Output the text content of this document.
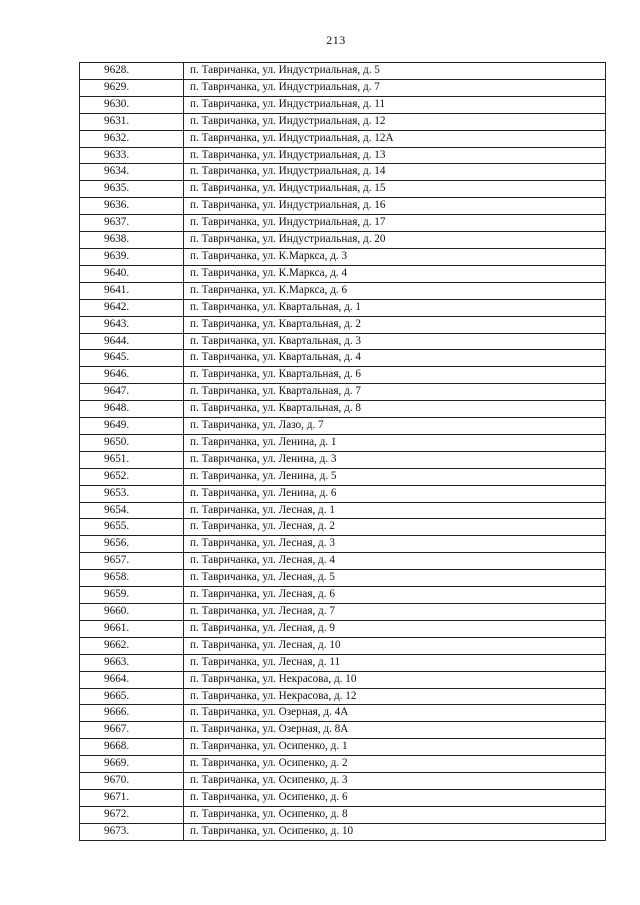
213
9628.	п. Тавричанка, ул. Индустриальная, д. 5
9629.	п. Тавричанка, ул. Индустриальная, д. 7
9630.	п. Тавричанка, ул. Индустриальная, д. 11
9631.	п. Тавричанка, ул. Индустриальная, д. 12
9632.	п. Тавричанка, ул. Индустриальная, д. 12А
9633.	п. Тавричанка, ул. Индустриальная, д. 13
9634.	п. Тавричанка, ул. Индустриальная, д. 14
9635.	п. Тавричанка, ул. Индустриальная, д. 15
9636.	п. Тавричанка, ул. Индустриальная, д. 16
9637.	п. Тавричанка, ул. Индустриальная, д. 17
9638.	п. Тавричанка, ул. Индустриальная, д. 20
9639.	п. Тавричанка, ул. К.Маркса, д. 3
9640.	п. Тавричанка, ул. К.Маркса, д. 4
9641.	п. Тавричанка, ул. К.Маркса, д. 6
9642.	п. Тавричанка, ул. Квартальная, д. 1
9643.	п. Тавричанка, ул. Квартальная, д. 2
9644.	п. Тавричанка, ул. Квартальная, д. 3
9645.	п. Тавричанка, ул. Квартальная, д. 4
9646.	п. Тавричанка, ул. Квартальная, д. 6
9647.	п. Тавричанка, ул. Квартальная, д. 7
9648.	п. Тавричанка, ул. Квартальная, д. 8
9649.	п. Тавричанка, ул. Лазо, д. 7
9650.	п. Тавричанка, ул. Ленина, д. 1
9651.	п. Тавричанка, ул. Ленина, д. 3
9652.	п. Тавричанка, ул. Ленина, д. 5
9653.	п. Тавричанка, ул. Ленина, д. 6
9654.	п. Тавричанка, ул. Лесная, д. 1
9655.	п. Тавричанка, ул. Лесная, д. 2
9656.	п. Тавричанка, ул. Лесная, д. 3
9657.	п. Тавричанка, ул. Лесная, д. 4
9658.	п. Тавричанка, ул. Лесная, д. 5
9659.	п. Тавричанка, ул. Лесная, д. 6
9660.	п. Тавричанка, ул. Лесная, д. 7
9661.	п. Тавричанка, ул. Лесная, д. 9
9662.	п. Тавричанка, ул. Лесная, д. 10
9663.	п. Тавричанка, ул. Лесная, д. 11
9664.	п. Тавричанка, ул. Некрасова, д. 10
9665.	п. Тавричанка, ул. Некрасова, д. 12
9666.	п. Тавричанка, ул. Озерная, д. 4А
9667.	п. Тавричанка, ул. Озерная, д. 8А
9668.	п. Тавричанка, ул. Осипенко, д. 1
9669.	п. Тавричанка, ул. Осипенко, д. 2
9670.	п. Тавричанка, ул. Осипенко, д. 3
9671.	п. Тавричанка, ул. Осипенко, д. 6
9672.	п. Тавричанка, ул. Осипенко, д. 8
9673.	п. Тавричанка, ул. Осипенко, д. 10
